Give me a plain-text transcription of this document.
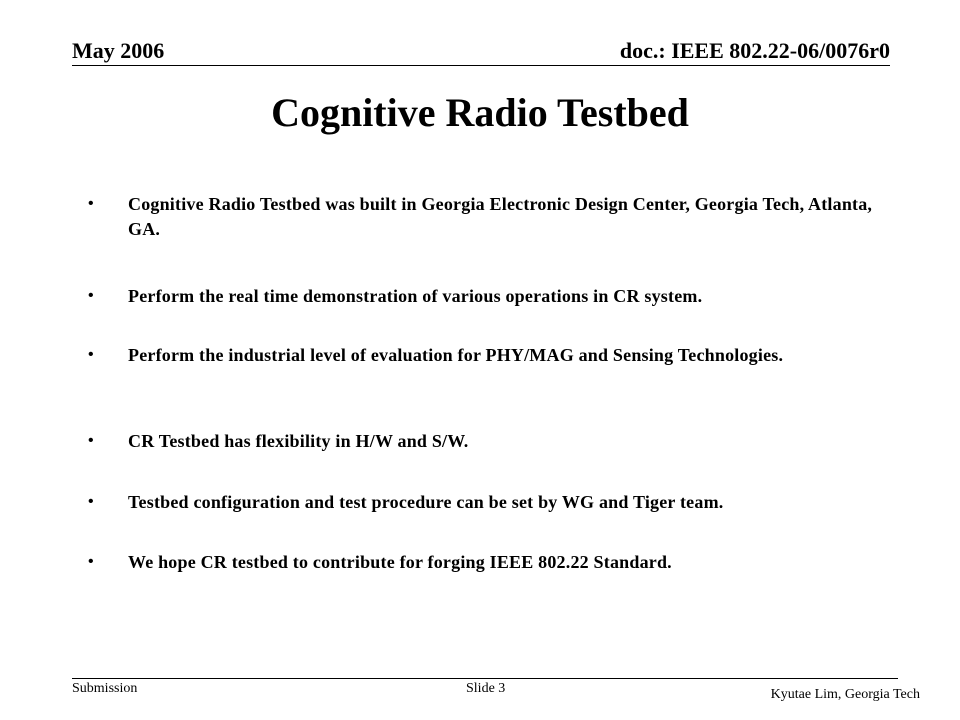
May 2006	doc.: IEEE 802.22-06/0076r0
Cognitive Radio Testbed
• Cognitive Radio Testbed was built in Georgia Electronic Design Center, Georgia Tech, Atlanta, GA.
• Perform the real time demonstration of various operations in CR system.
• Perform the industrial level of evaluation for PHY/MAG and Sensing Technologies.
• CR Testbed has flexibility in H/W and S/W.
• Testbed configuration and test procedure can be set by WG and Tiger team.
• We hope CR testbed to contribute for forging IEEE 802.22 Standard.
Submission	Slide 3	Kyutae Lim, Georgia Tech
